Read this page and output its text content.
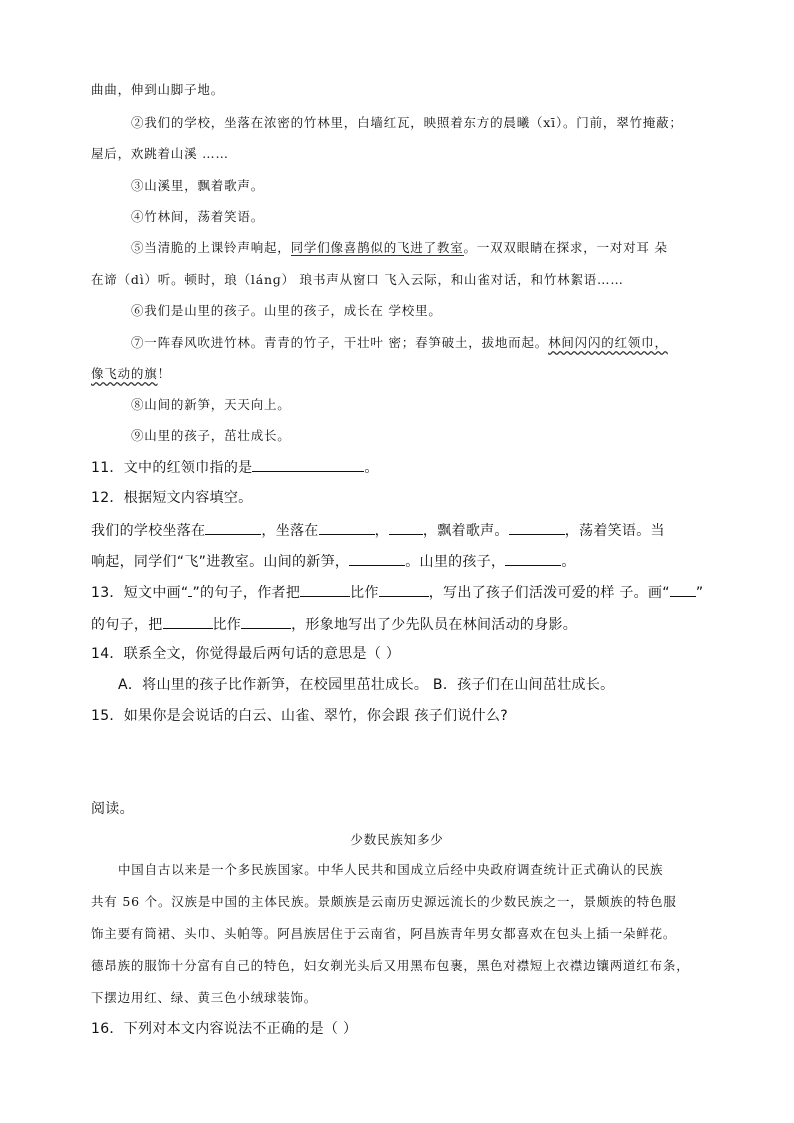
曲曲，伸到山脚子地。
②我们的学校，坐落在浓密的竹林里，白墙红瓦，映照着东方的晨曦（xī）。门前，翠竹掩蔽；
屋后，欢跳着山溪 ……
③山溪里，飘着歌声。
④竹林间，荡着笑语。
⑤当清脆的上课铃声响起，同学们像喜鹊似的飞进了教室。一双双眼睛在探求，一对对耳 朵
在谛（dì）听。顿时，琅（lánɡ） 琅书声从窗口 飞入云际，和山雀对话，和竹林絮语……
⑥我们是山里的孩子。山里的孩子，成长在 学校里。
⑦一阵春风吹进竹林。青青的竹子，干壮叶 密；春笋破土，拔地而起。林间闪闪的红领巾，
像飞动的旗！
⑧山间的新笋，天天向上。
⑨山里的孩子，茁壮成长。
11．文中的红领巾指的是	。
12．根据短文内容填空。
我们的学校坐落在	，坐落在	， ，飘着歌声。	，荡着笑语。当
响起，同学们“飞”进教室。山间的新笋，	。山里的孩子，	。
13．短文中画“ ”的句子，作者把	比作	，写出了孩子们活泼可爱的样 子。画“ ”
的句子，把	比作	，形象地写出了少先队员在林间活动的身影。
14．联系全文，你觉得最后两句话的意思是（ ）
A．将山里的孩子比作新笋，在校园里茁壮成长。 B．孩子们在山间茁壮成长。
15．如果你是会说话的白云、山雀、翠竹，你会跟 孩子们说什么?
阅读。
少数民族知多少
中国自古以来是一个多民族国家。中华人民共和国成立后经中央政府调查统计正式确认的民族
共有 56 个。汉族是中国的主体民族。景颇族是云南历史源远流长的少数民族之一，景颇族的特色服
饰主要有筒裙、头巾、头帕等。阿昌族居住于云南省，阿昌族青年男女都喜欢在包头上插一朵鲜花。
德昂族的服饰十分富有自己的特色，妇女剃光头后又用黑布包裹，黑色对襟短上衣襟边镶两道红布条，
下摆边用红、绿、黄三色小绒球装饰。
16．下列对本文内容说法不正确的是（ ）
